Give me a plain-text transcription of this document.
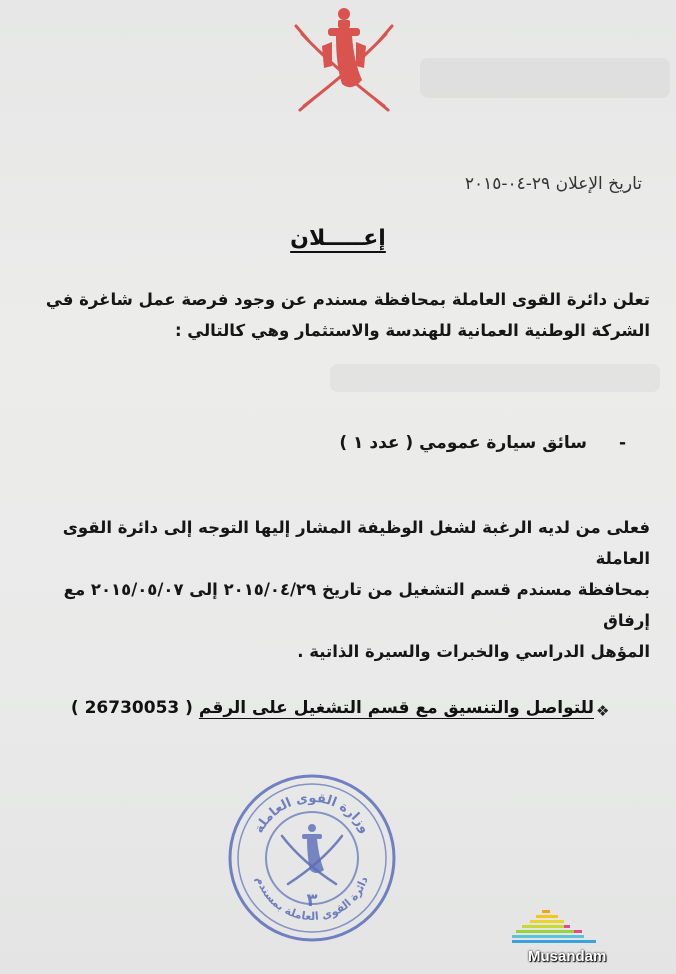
تاريخ الإعلان ٢٩-٠٤-٢٠١٥
إعـــــلان
تعلن دائرة القوى العاملة بمحافظة مسندم عن وجود فرصة عمل شاغرة في
الشركة الوطنية العمانية للهندسة والاستثمار وهي كالتالي :
- سائق سيارة عمومي ( عدد ١ )
فعلى من لديه الرغبة لشغل الوظيفة المشار إليها التوجه إلى دائرة القوى العاملة
بمحافظة مسندم قسم التشغيل من تاريخ ٢٠١٥/٠٤/٢٩ إلى ٢٠١٥/٠٥/٠٧ مع إرفاق
المؤهل الدراسي والخبرات والسيرة الذاتية .
للتواصل والتنسيق مع قسم التشغيل على الرقم ( 26730053 )	❖
وزارة القوى العاملة
دائرة القوى العاملة بمسندم
٣
Musandam
